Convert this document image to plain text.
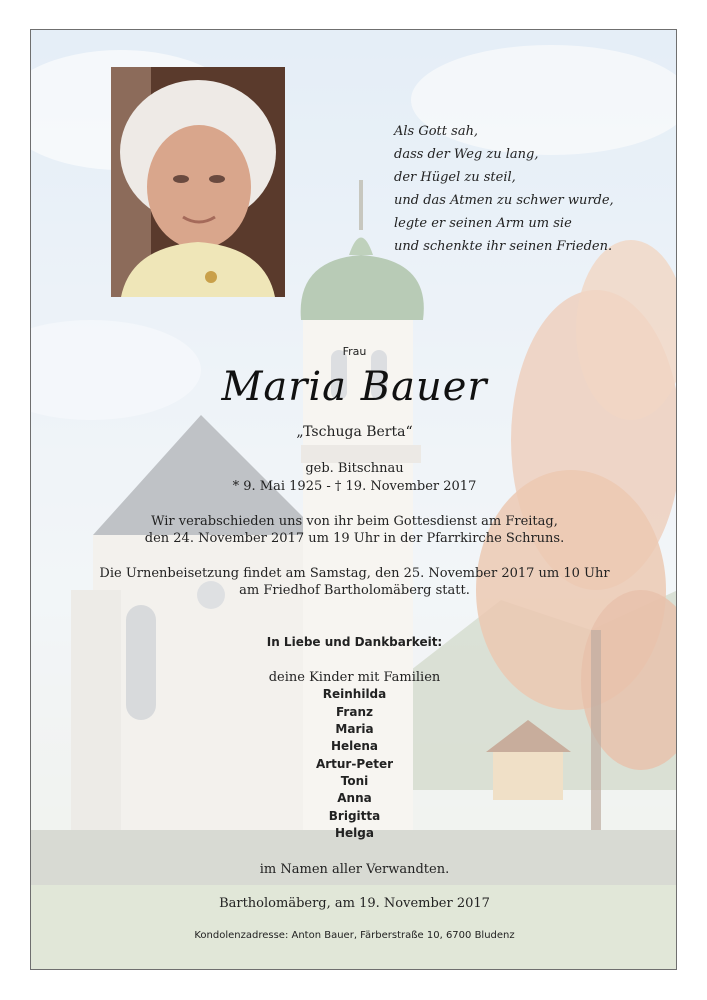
Als Gott sah,
dass der Weg zu lang,
der Hügel zu steil,
und das Atmen zu schwer wurde,
legte er seinen Arm um sie
und schenkte ihr seinen Frieden.
Frau
Maria Bauer
„Tschuga Berta“
geb. Bitschnau
* 9. Mai 1925 - † 19. November 2017
Wir verabschieden uns von ihr beim Gottesdienst am Freitag,
den 24. November 2017 um 19 Uhr in der Pfarrkirche Schruns.
Die Urnenbeisetzung findet am Samstag, den 25. November 2017 um 10 Uhr
am Friedhof Bartholomäberg statt.
In Liebe und Dankbarkeit:
deine Kinder mit Familien
Reinhilda
Franz
Maria
Helena
Artur-Peter
Toni
Anna
Brigitta
Helga
im Namen aller Verwandten.
Bartholomäberg, am 19. November 2017
Kondolenzadresse: Anton Bauer, Färberstraße 10, 6700 Bludenz
